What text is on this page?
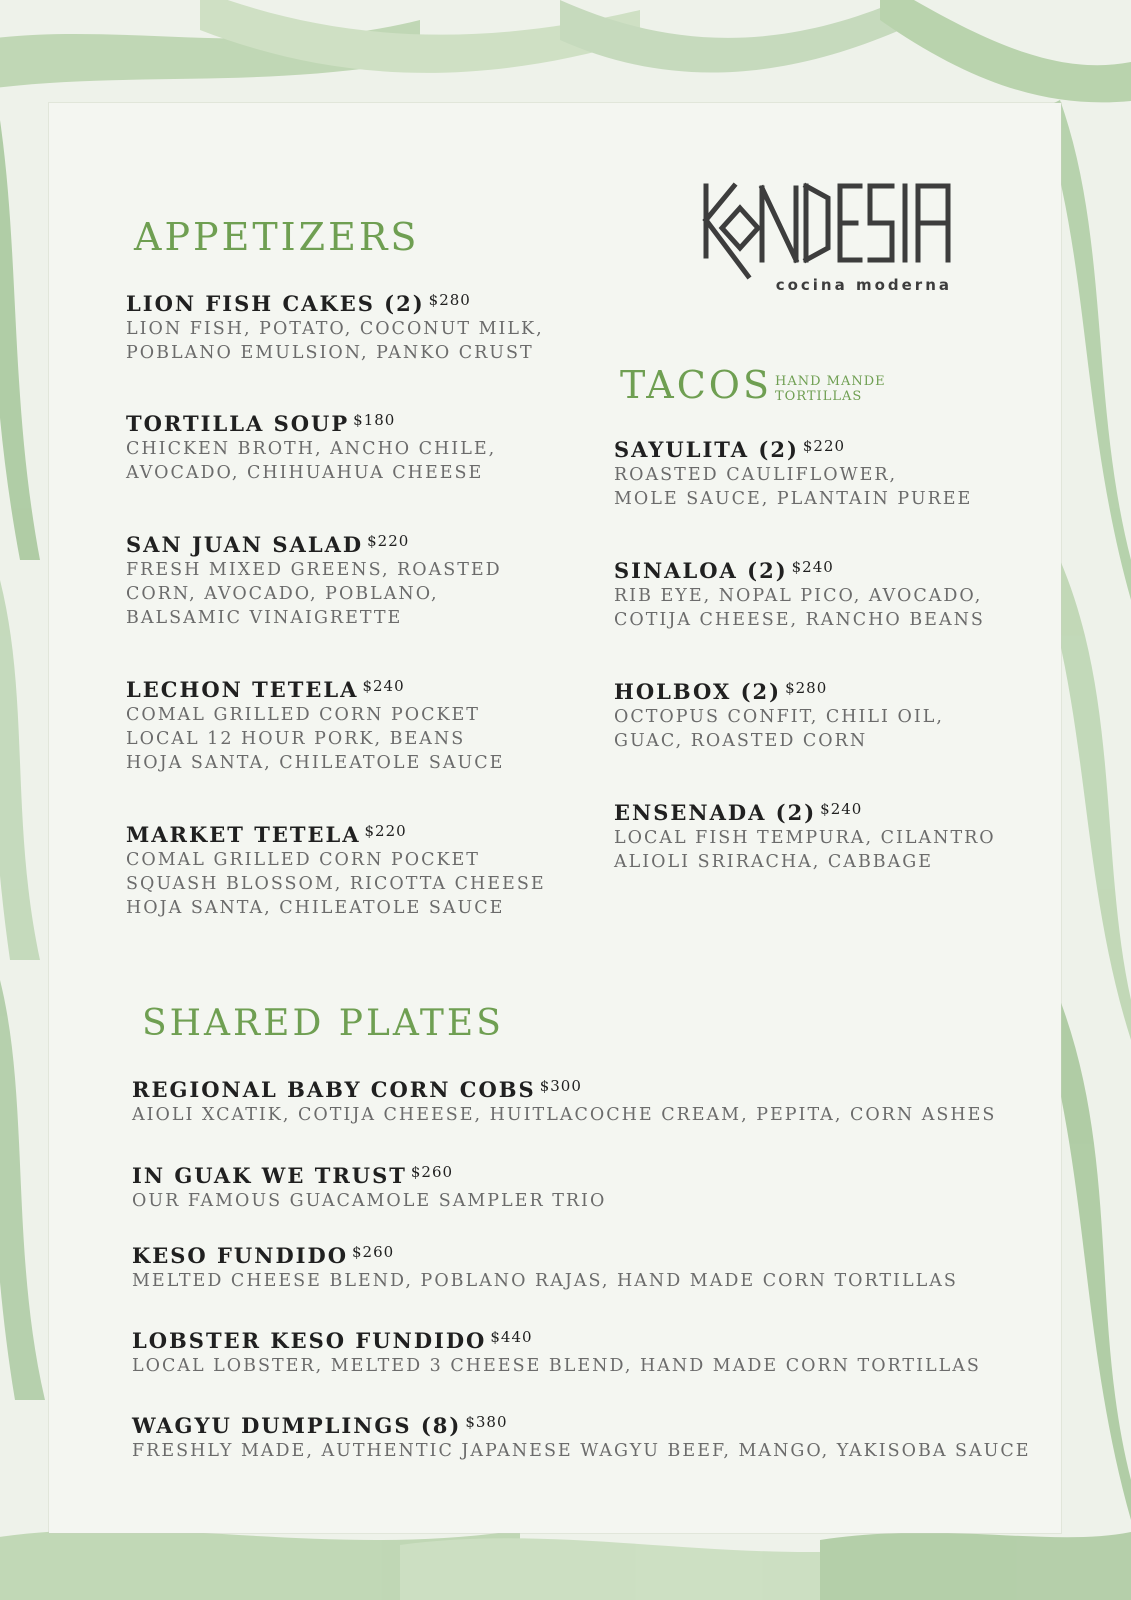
cocina moderna
APPETIZERS
TACOS HAND MANDE
TORTILLAS
SHARED PLATES
LION FISH CAKES (2) $280
LION FISH, POTATO, COCONUT MILK,
POBLANO EMULSION, PANKO CRUST
TORTILLA SOUP $180
CHICKEN BROTH, ANCHO CHILE,
AVOCADO, CHIHUAHUA CHEESE
SAN JUAN SALAD $220
FRESH MIXED GREENS, ROASTED
CORN, AVOCADO, POBLANO,
BALSAMIC VINAIGRETTE
LECHON TETELA $240
COMAL GRILLED CORN POCKET
LOCAL 12 HOUR PORK, BEANS
HOJA SANTA, CHILEATOLE SAUCE
MARKET TETELA $220
COMAL GRILLED CORN POCKET
SQUASH BLOSSOM, RICOTTA CHEESE
HOJA SANTA, CHILEATOLE SAUCE
SAYULITA (2) $220
ROASTED CAULIFLOWER,
MOLE SAUCE, PLANTAIN PUREE
SINALOA (2) $240
RIB EYE, NOPAL PICO, AVOCADO,
COTIJA CHEESE, RANCHO BEANS
HOLBOX (2) $280
OCTOPUS CONFIT, CHILI OIL,
GUAC, ROASTED CORN
ENSENADA (2) $240
LOCAL FISH TEMPURA, CILANTRO
ALIOLI SRIRACHA, CABBAGE
REGIONAL BABY CORN COBS $300
AIOLI XCATIK, COTIJA CHEESE, HUITLACOCHE CREAM, PEPITA, CORN ASHES
IN GUAK WE TRUST $260
OUR FAMOUS GUACAMOLE SAMPLER TRIO
KESO FUNDIDO $260
MELTED CHEESE BLEND, POBLANO RAJAS, HAND MADE CORN TORTILLAS
LOBSTER KESO FUNDIDO $440
LOCAL LOBSTER, MELTED 3 CHEESE BLEND, HAND MADE CORN TORTILLAS
WAGYU DUMPLINGS (8) $380
FRESHLY MADE, AUTHENTIC JAPANESE WAGYU BEEF, MANGO, YAKISOBA SAUCE
